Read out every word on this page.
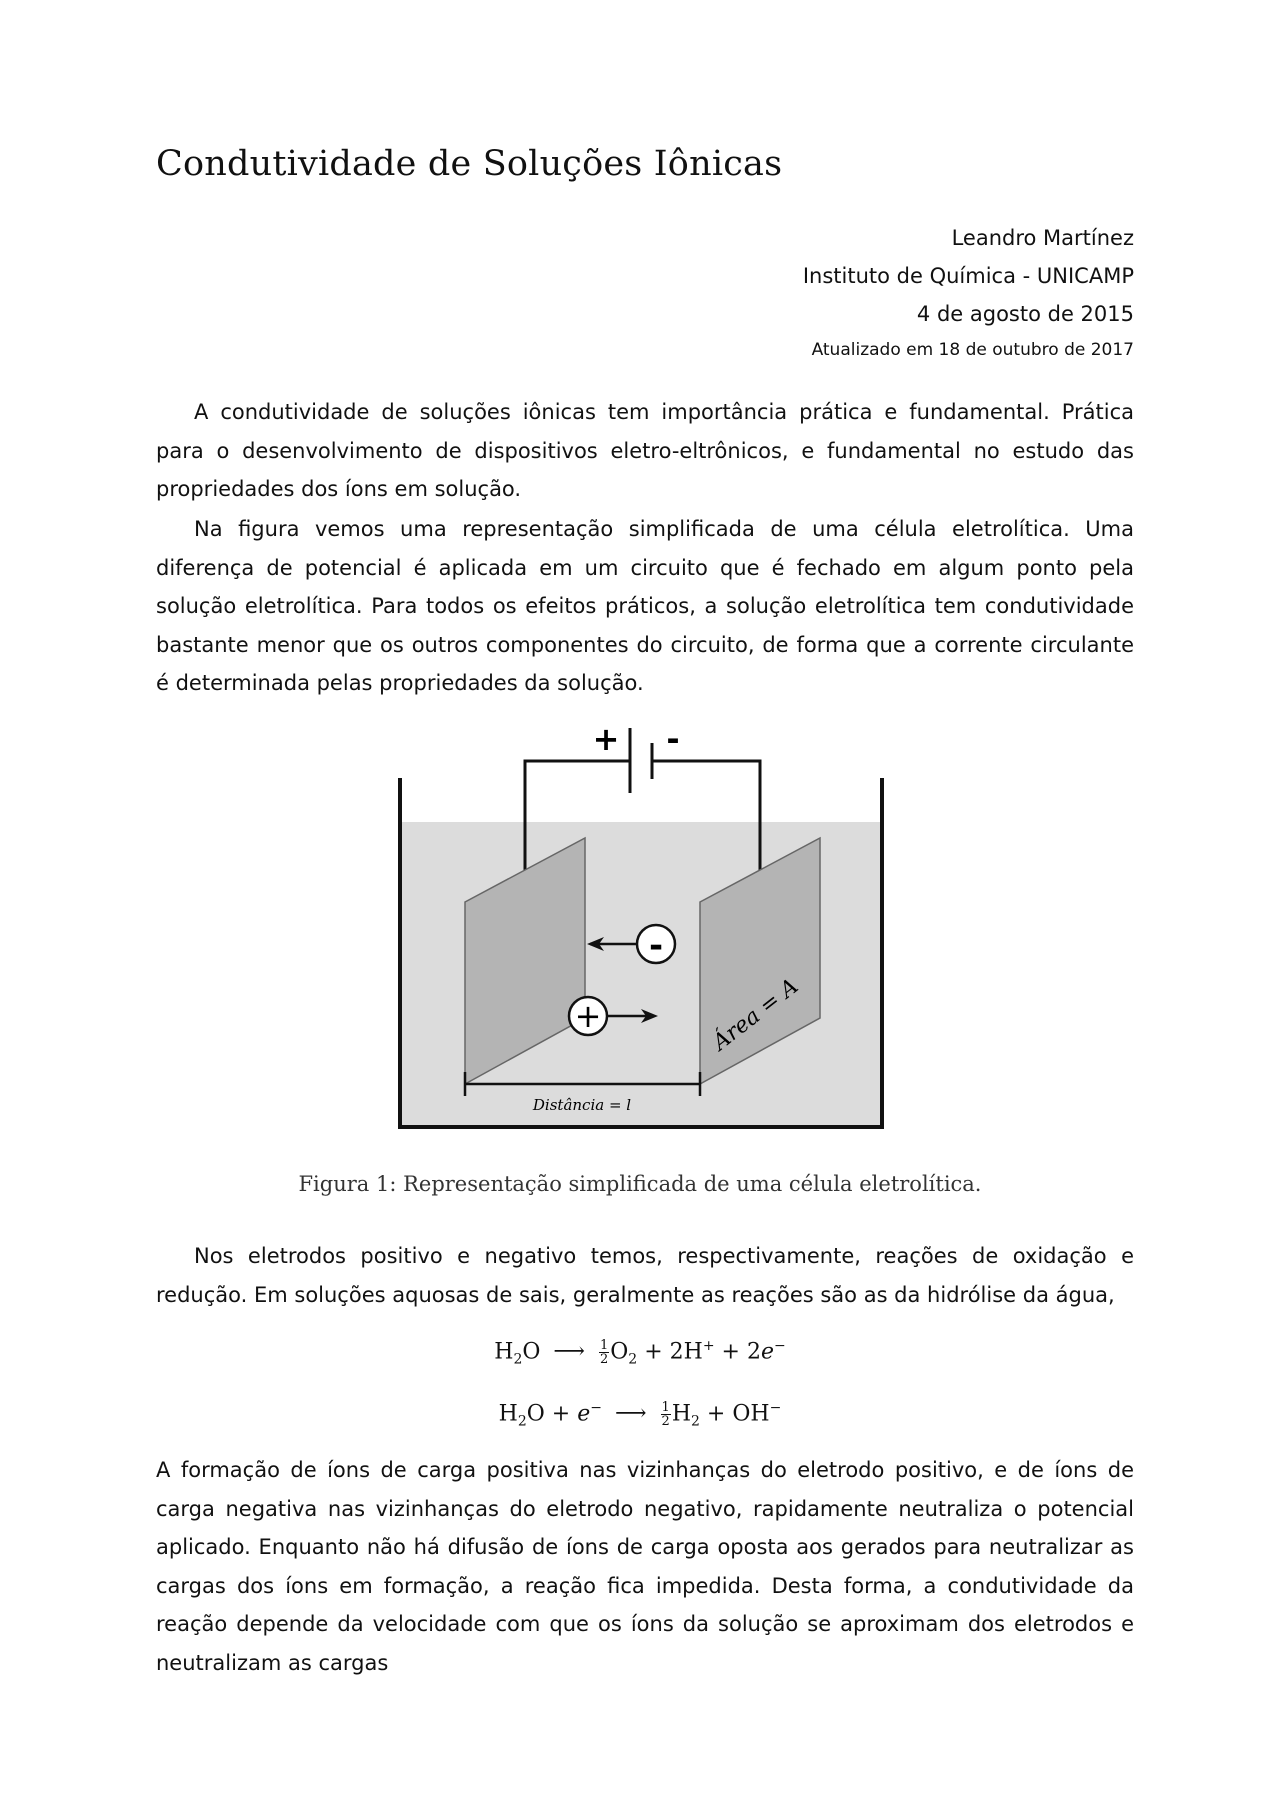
Condutividade de Soluções Iônicas
Leandro Martínez
Instituto de Química - UNICAMP
4 de agosto de 2015
Atualizado em 18 de outubro de 2017

A condutividade de soluções iônicas tem importância prática e fundamental. Prática para o desenvolvimento de dispositivos eletro-eltrônicos, e fundamental no estudo das propriedades dos íons em solução.

Na figura vemos uma representação simplificada de uma célula eletrolítica. Uma diferença de potencial é aplicada em um circuito que é fechado em algum ponto pela solução eletrolítica. Para todos os efeitos práticos, a solução eletrolítica tem condutividade bastante menor que os outros componentes do circuito, de forma que a corrente circulante é determinada pelas propriedades da solução.

+ -
-
+	Área = A
Distância = l
Figura 1: Representação simplificada de uma célula eletrolítica.

Nos eletrodos positivo e negativo temos, respectivamente, reações de oxidação e redução. Em soluções aquosas de sais, geralmente as reações são as da hidrólise da água,

$H_2O$ ⟶ $\frac{1}{2} O_2 + 2H^+ + 2e^-$
$H_2O + e^-$ ⟶ $\frac{1}{2} H_2 + OH^-$

A formação de íons de carga positiva nas vizinhanças do eletrodo positivo, e de íons de carga negativa nas vizinhanças do eletrodo negativo, rapidamente neutraliza o potencial aplicado. Enquanto não há difusão de íons de carga oposta aos gerados para neutralizar as cargas dos íons em formação, a reação fica impedida. Desta forma, a condutividade da reação depende da velocidade com que os íons da solução se aproximam dos eletrodos e neutralizam as cargas
